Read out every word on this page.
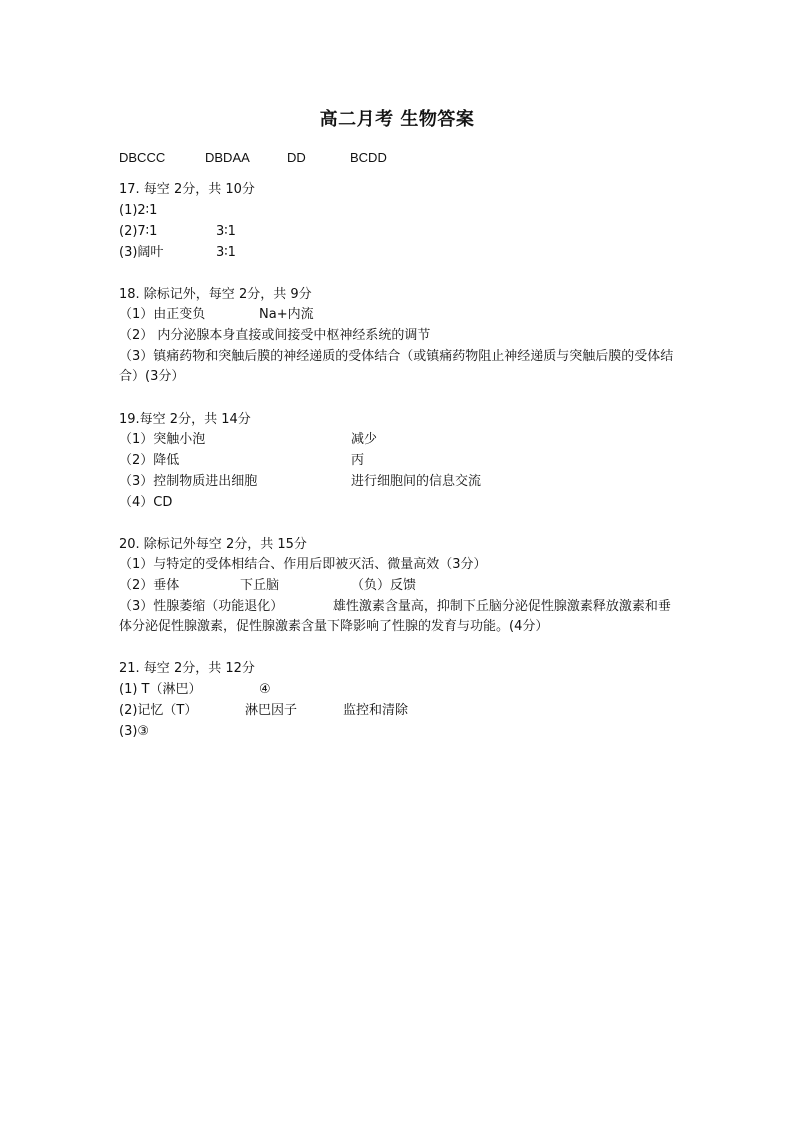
高二月考 生物答案
DBCCC	DBDAA	DD	BCDD
17. 每空 2分，共 10分
(1)2∶1
(2)7∶1	3∶1
(3)阔叶	3∶1
18. 除标记外，每空 2分，共 9分
（1）由正变负	Na+内流
（2） 内分泌腺本身直接或间接受中枢神经系统的调节
（3）镇痛药物和突触后膜的神经递质的受体结合（或镇痛药物阻止神经递质与突触后膜的受体结合）(3分）
19.每空 2分，共 14分
（1）突触小泡	减少
（2）降低	丙
（3）控制物质进出细胞	进行细胞间的信息交流
（4）CD
20. 除标记外每空 2分，共 15分
（1）与特定的受体相结合、作用后即被灭活、微量高效（3分）
（2）垂体	下丘脑	（负）反馈
（3）性腺萎缩（功能退化）            雄性激素含量高，抑制下丘脑分泌促性腺激素释放激素和垂体分泌促性腺激素，促性腺激素含量下降影响了性腺的发育与功能。(4分）
21. 每空 2分，共 12分
(1) T（淋巴）	④
(2)记忆（T）	淋巴因子	监控和清除
(3)③
